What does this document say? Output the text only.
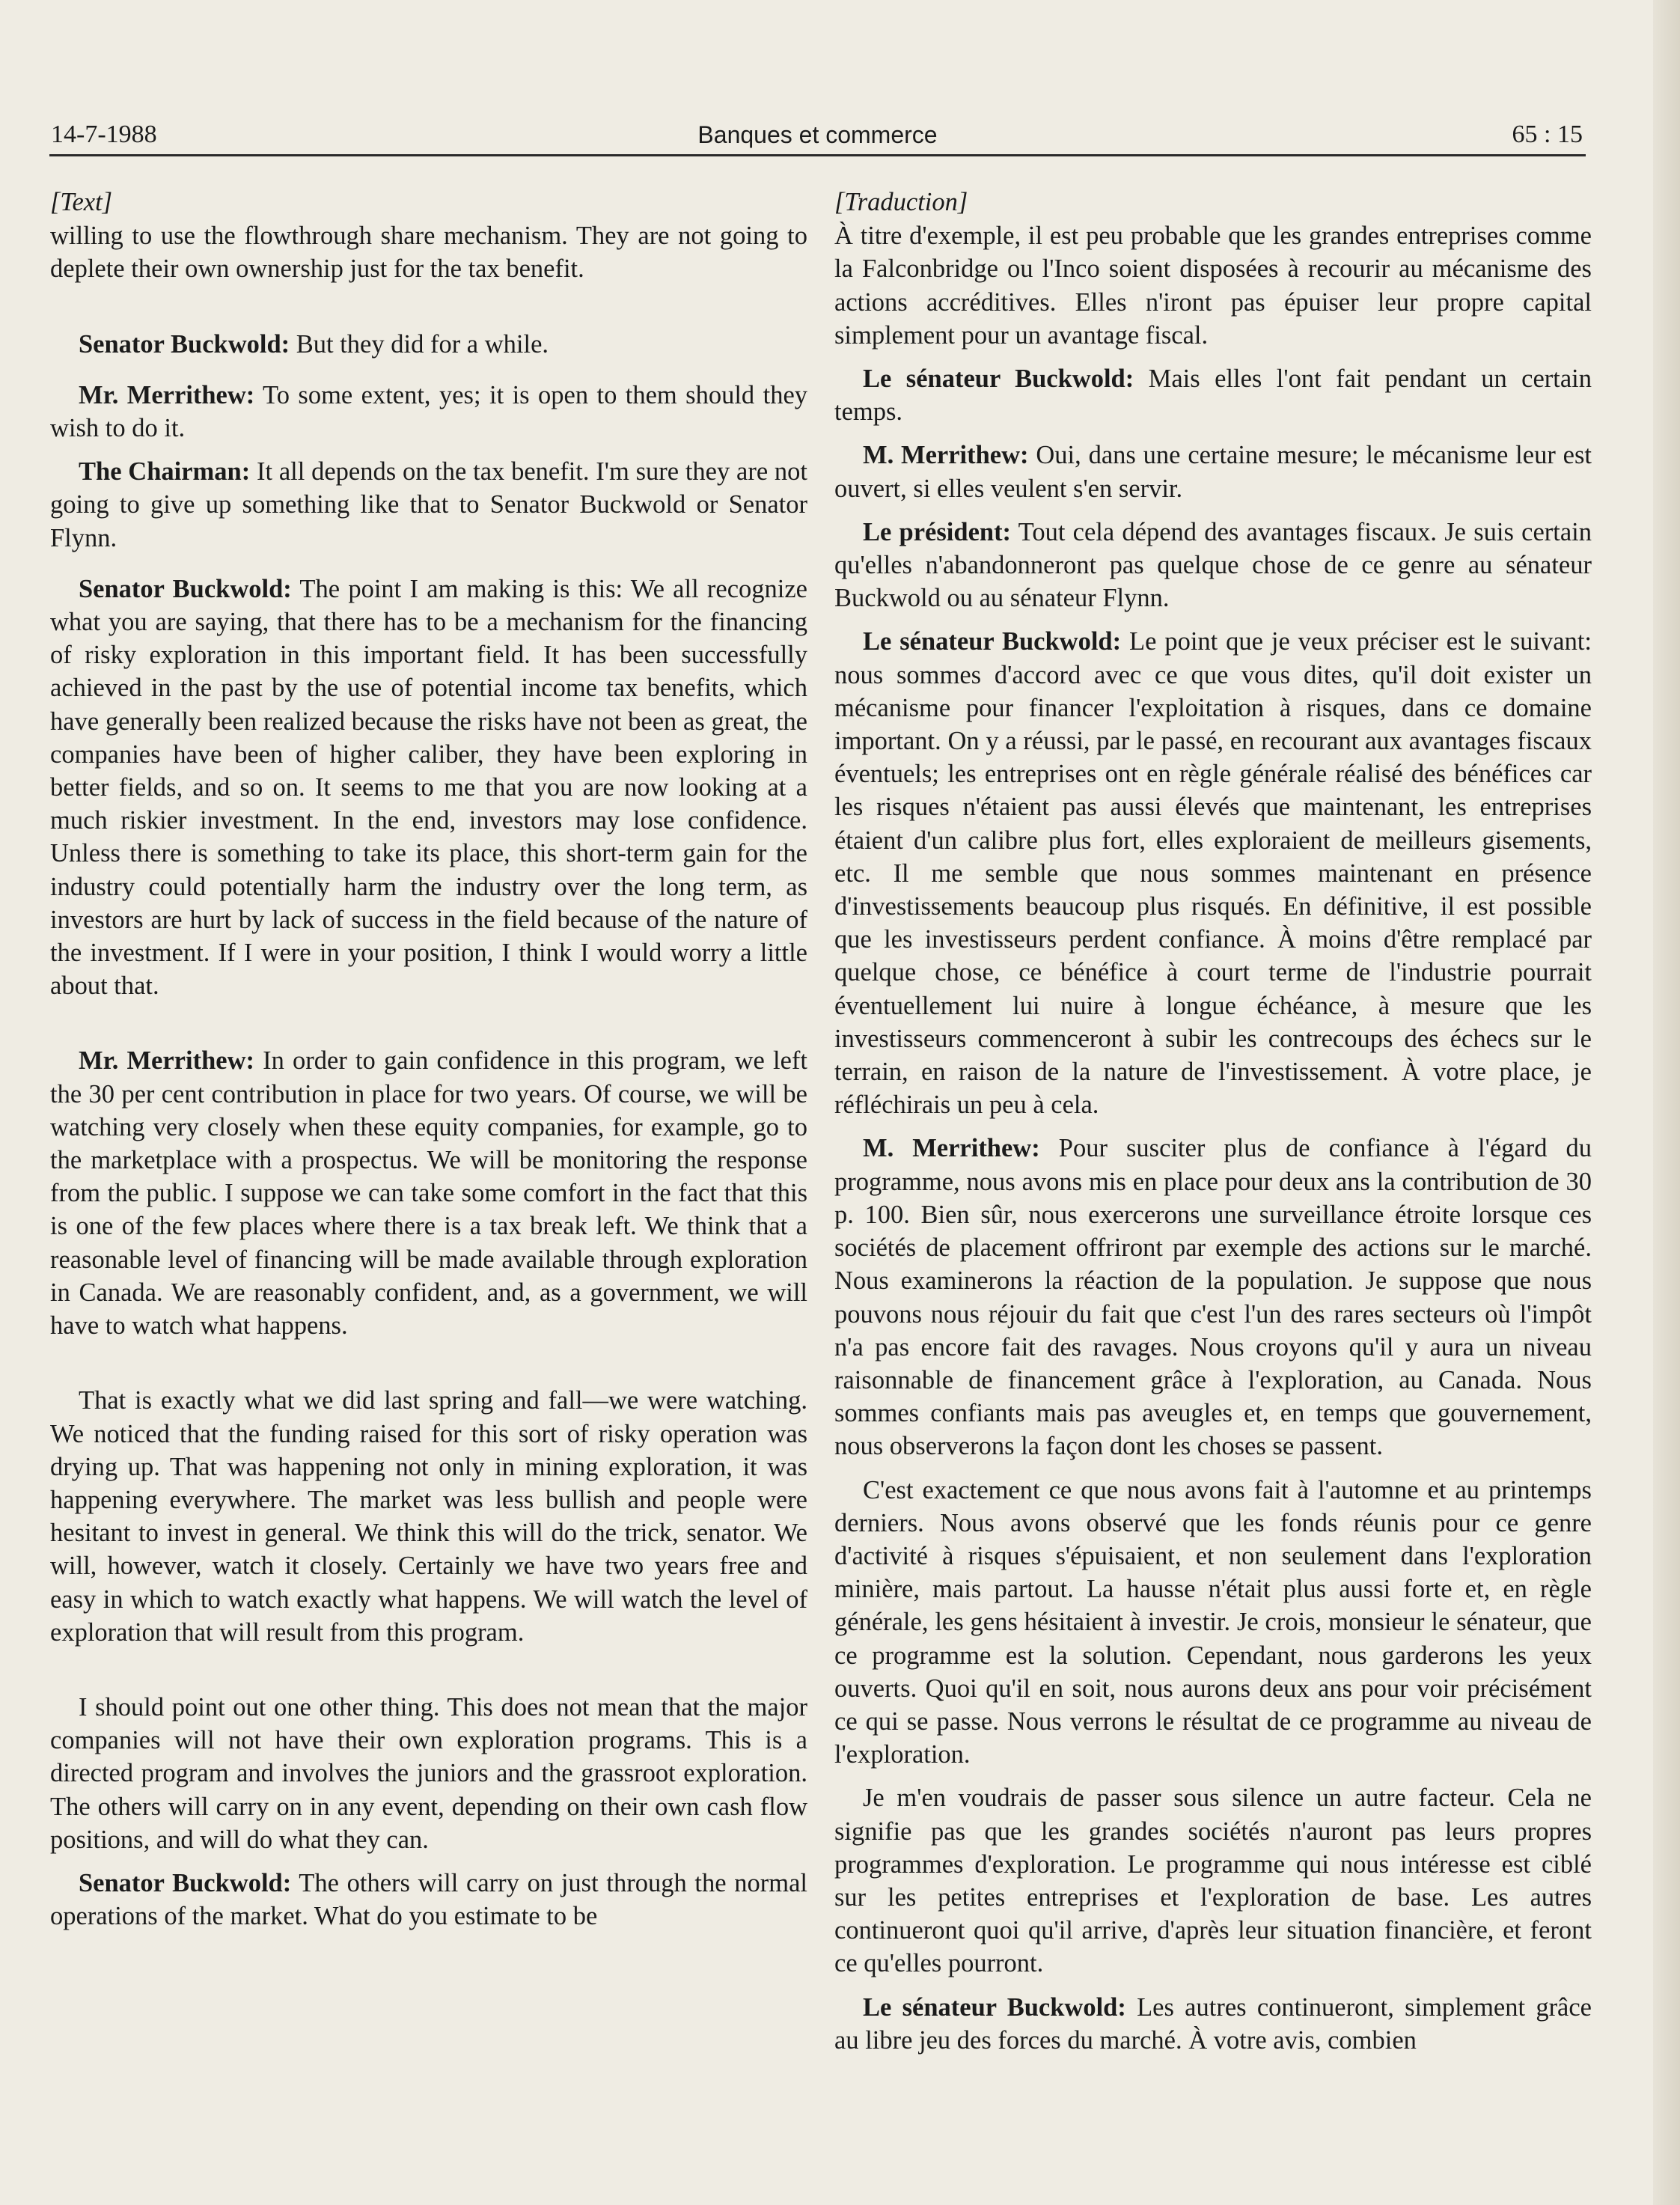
14-7-1988	Banques et commerce	65 : 15

[Text]

willing to use the flowthrough share mechanism. They are not going to deplete their own ownership just for the tax benefit.

Senator Buckwold: But they did for a while.

Mr. Merrithew: To some extent, yes; it is open to them should they wish to do it.

The Chairman: It all depends on the tax benefit. I'm sure they are not going to give up something like that to Senator Buckwold or Senator Flynn.

Senator Buckwold: The point I am making is this: We all recognize what you are saying, that there has to be a mechanism for the financing of risky exploration in this important field. It has been successfully achieved in the past by the use of potential income tax benefits, which have generally been realized because the risks have not been as great, the companies have been of higher caliber, they have been exploring in better fields, and so on. It seems to me that you are now looking at a much riskier investment. In the end, investors may lose confidence. Unless there is something to take its place, this short-term gain for the industry could potentially harm the industry over the long term, as investors are hurt by lack of success in the field because of the nature of the investment. If I were in your position, I think I would worry a little about that.

Mr. Merrithew: In order to gain confidence in this program, we left the 30 per cent contribution in place for two years. Of course, we will be watching very closely when these equity companies, for example, go to the marketplace with a prospectus. We will be monitoring the response from the public. I suppose we can take some comfort in the fact that this is one of the few places where there is a tax break left. We think that a reasonable level of financing will be made available through exploration in Canada. We are reasonably confident, and, as a government, we will have to watch what happens.

That is exactly what we did last spring and fall—we were watching. We noticed that the funding raised for this sort of risky operation was drying up. That was happening not only in mining exploration, it was happening everywhere. The market was less bullish and people were hesitant to invest in general. We think this will do the trick, senator. We will, however, watch it closely. Certainly we have two years free and easy in which to watch exactly what happens. We will watch the level of exploration that will result from this program.

I should point out one other thing. This does not mean that the major companies will not have their own exploration programs. This is a directed program and involves the juniors and the grassroot exploration. The others will carry on in any event, depending on their own cash flow positions, and will do what they can.

Senator Buckwold: The others will carry on just through the normal operations of the market. What do you estimate to be

[Traduction]

À titre d'exemple, il est peu probable que les grandes entreprises comme la Falconbridge ou l'Inco soient disposées à recourir au mécanisme des actions accréditives. Elles n'iront pas épuiser leur propre capital simplement pour un avantage fiscal.

Le sénateur Buckwold: Mais elles l'ont fait pendant un certain temps.

M. Merrithew: Oui, dans une certaine mesure; le mécanisme leur est ouvert, si elles veulent s'en servir.

Le président: Tout cela dépend des avantages fiscaux. Je suis certain qu'elles n'abandonneront pas quelque chose de ce genre au sénateur Buckwold ou au sénateur Flynn.

Le sénateur Buckwold: Le point que je veux préciser est le suivant: nous sommes d'accord avec ce que vous dites, qu'il doit exister un mécanisme pour financer l'exploitation à risques, dans ce domaine important. On y a réussi, par le passé, en recourant aux avantages fiscaux éventuels; les entreprises ont en règle générale réalisé des bénéfices car les risques n'étaient pas aussi élevés que maintenant, les entreprises étaient d'un calibre plus fort, elles exploraient de meilleurs gisements, etc. Il me semble que nous sommes maintenant en présence d'investissements beaucoup plus risqués. En définitive, il est possible que les investisseurs perdent confiance. À moins d'être remplacé par quelque chose, ce bénéfice à court terme de l'industrie pourrait éventuellement lui nuire à longue échéance, à mesure que les investisseurs commenceront à subir les contrecoups des échecs sur le terrain, en raison de la nature de l'investissement. À votre place, je réfléchirais un peu à cela.

M. Merrithew: Pour susciter plus de confiance à l'égard du programme, nous avons mis en place pour deux ans la contribution de 30 p. 100. Bien sûr, nous exercerons une surveillance étroite lorsque ces sociétés de placement offriront par exemple des actions sur le marché. Nous examinerons la réaction de la population. Je suppose que nous pouvons nous réjouir du fait que c'est l'un des rares secteurs où l'impôt n'a pas encore fait des ravages. Nous croyons qu'il y aura un niveau raisonnable de financement grâce à l'exploration, au Canada. Nous sommes confiants mais pas aveugles et, en temps que gouvernement, nous observerons la façon dont les choses se passent.

C'est exactement ce que nous avons fait à l'automne et au printemps derniers. Nous avons observé que les fonds réunis pour ce genre d'activité à risques s'épuisaient, et non seulement dans l'exploration minière, mais partout. La hausse n'était plus aussi forte et, en règle générale, les gens hésitaient à investir. Je crois, monsieur le sénateur, que ce programme est la solution. Cependant, nous garderons les yeux ouverts. Quoi qu'il en soit, nous aurons deux ans pour voir précisément ce qui se passe. Nous verrons le résultat de ce programme au niveau de l'exploration.

Je m'en voudrais de passer sous silence un autre facteur. Cela ne signifie pas que les grandes sociétés n'auront pas leurs propres programmes d'exploration. Le programme qui nous intéresse est ciblé sur les petites entreprises et l'exploration de base. Les autres continueront quoi qu'il arrive, d'après leur situation financière, et feront ce qu'elles pourront.

Le sénateur Buckwold: Les autres continueront, simplement grâce au libre jeu des forces du marché. À votre avis, combien
